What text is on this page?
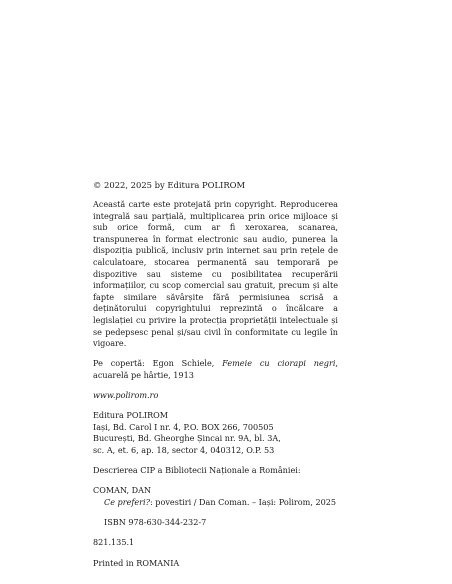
© 2022, 2025 by Editura POLIROM
Această carte este protejată prin copyright. Reproducerea integrală sau parțială, multiplicarea prin orice mijloace și sub orice formă, cum ar fi xeroxarea, scanarea, transpunerea în format electronic sau audio, punerea la dispoziția publică, inclusiv prin internet sau prin rețele de calculatoare, stocarea permanentă sau temporară pe dispozitive sau sisteme cu posibilitatea recuperării informațiilor, cu scop comercial sau gratuit, precum și alte fapte similare săvârșite fără permisiunea scrisă a deținătorului copyrightului reprezintă o încălcare a legislației cu privire la protecția proprietății intelectuale și se pedepsesc penal și/sau civil în conformitate cu legile în vigoare.
Pe copertă: Egon Schiele, Femeie cu ciorapi negri, acuarelă pe hârtie, 1913
www.polirom.ro
Editura POLIROM
Iași, Bd. Carol I nr. 4, P.O. BOX 266, 700505
București, Bd. Gheorghe Șincai nr. 9A, bl. 3A,
sc. A, et. 6, ap. 18, sector 4, 040312, O.P. 53
Descrierea CIP a Bibliotecii Naționale a României:
COMAN, DAN
Ce preferi?: povestiri / Dan Coman. – Iași: Polirom, 2025
ISBN 978-630-344-232-7
821.135.1
Printed in ROMANIA
